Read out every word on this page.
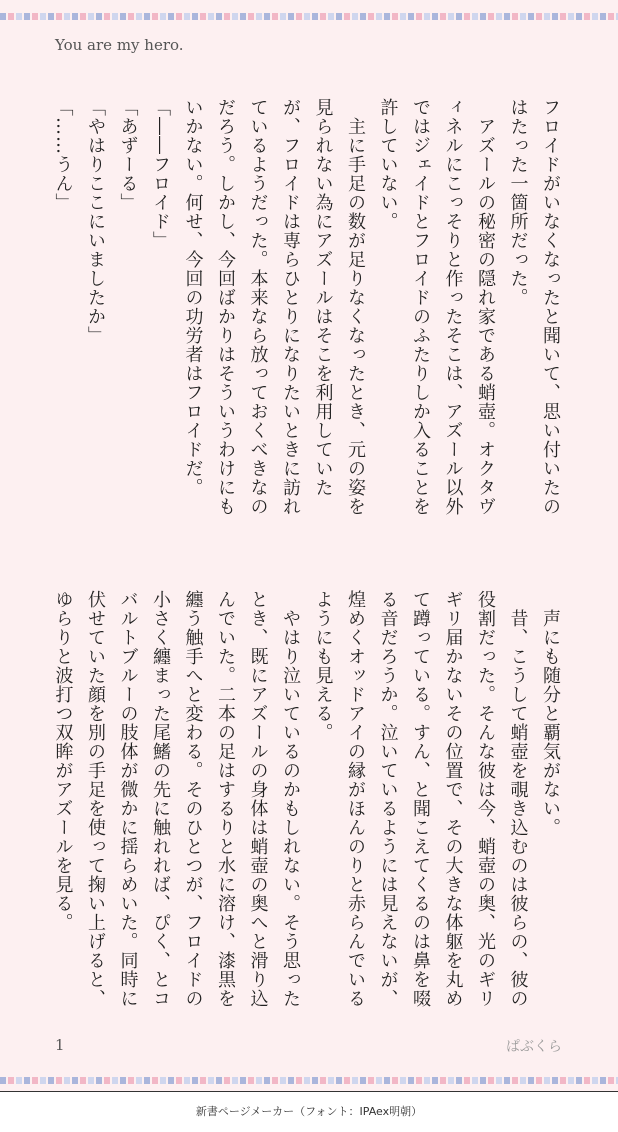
You are my hero.

フロイドがいなくなったと聞いて、思い付いたのはたった一箇所だった。

　アズールの秘密の隠れ家である蛸壺。オクタヴィネルにこっそりと作ったそこは、アズール以外ではジェイドとフロイドのふたりしか入ることを許していない。

　主に手足の数が足りなくなったとき、元の姿を見られない為にアズールはそこを利用していたが、フロイドは専らひとりになりたいときに訪れているようだった。本来なら放っておくべきなのだろう。しかし、今回ばかりはそういうわけにもいかない。何せ、今回の功労者はフロイドだ。

「――フロイド」

「あずーる」

「やはりここにいましたか」

「……うん」

　声にも随分と覇気がない。

　昔、こうして蛸壺を覗き込むのは彼らの、彼の役割だった。そんな彼は今、蛸壺の奥、光のギリギリ届かないその位置で、その大きな体躯を丸めて蹲っている。すん、と聞こえてくるのは鼻を啜る音だろうか。泣いているようには見えないが、煌めくオッドアイの縁がほんのりと赤らんでいるようにも見える。

　やはり泣いているのかもしれない。そう思ったとき、既にアズールの身体は蛸壺の奥へと滑り込んでいた。二本の足はするりと水に溶け、漆黒を纏う触手へと変わる。そのひとつが、フロイドの小さく纏まった尾鰭の先に触れれば、ぴく、とコバルトブルーの肢体が微かに揺らめいた。同時に伏せていた顔を別の手足を使って掬い上げると、ゆらりと波打つ双眸がアズールを見る。

1	ぱぶくら
新書ページメーカー（フォント：IPAex明朝）
